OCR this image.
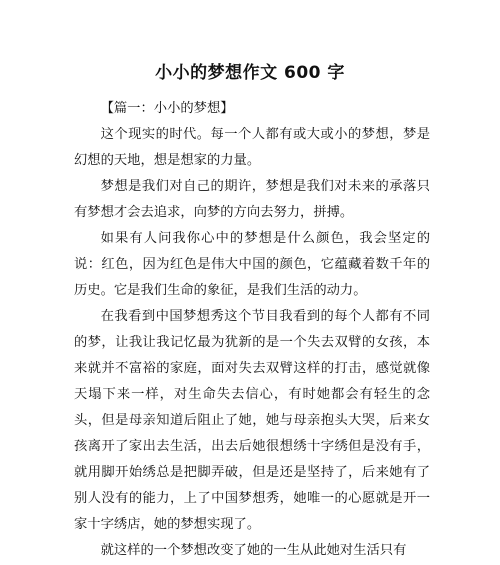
小小的梦想作文 600 字

【篇一：小小的梦想】

这个现实的时代。每一个人都有或大或小的梦想，梦是幻想的天地，想是想家的力量。

梦想是我们对自己的期许，梦想是我们对未来的承落只有梦想才会去追求，向梦的方向去努力，拼搏。

如果有人问我你心中的梦想是什么颜色，我会坚定的说：红色，因为红色是伟大中国的颜色，它蕴藏着数千年的历史。它是我们生命的象征，是我们生活的动力。

在我看到中国梦想秀这个节目我看到的每个人都有不同的梦，让我让我记忆最为犹新的是一个失去双臂的女孩，本来就并不富裕的家庭，面对失去双臂这样的打击，感觉就像天塌下来一样，对生命失去信心，有时她都会有轻生的念头，但是母亲知道后阻止了她，她与母亲抱头大哭，后来女孩离开了家出去生活，出去后她很想绣十字绣但是没有手，就用脚开始绣总是把脚弄破，但是还是坚持了，后来她有了别人没有的能力，上了中国梦想秀，她唯一的心愿就是开一家十字绣店，她的梦想实现了。

就这样的一个梦想改变了她的一生从此她对生活只有
